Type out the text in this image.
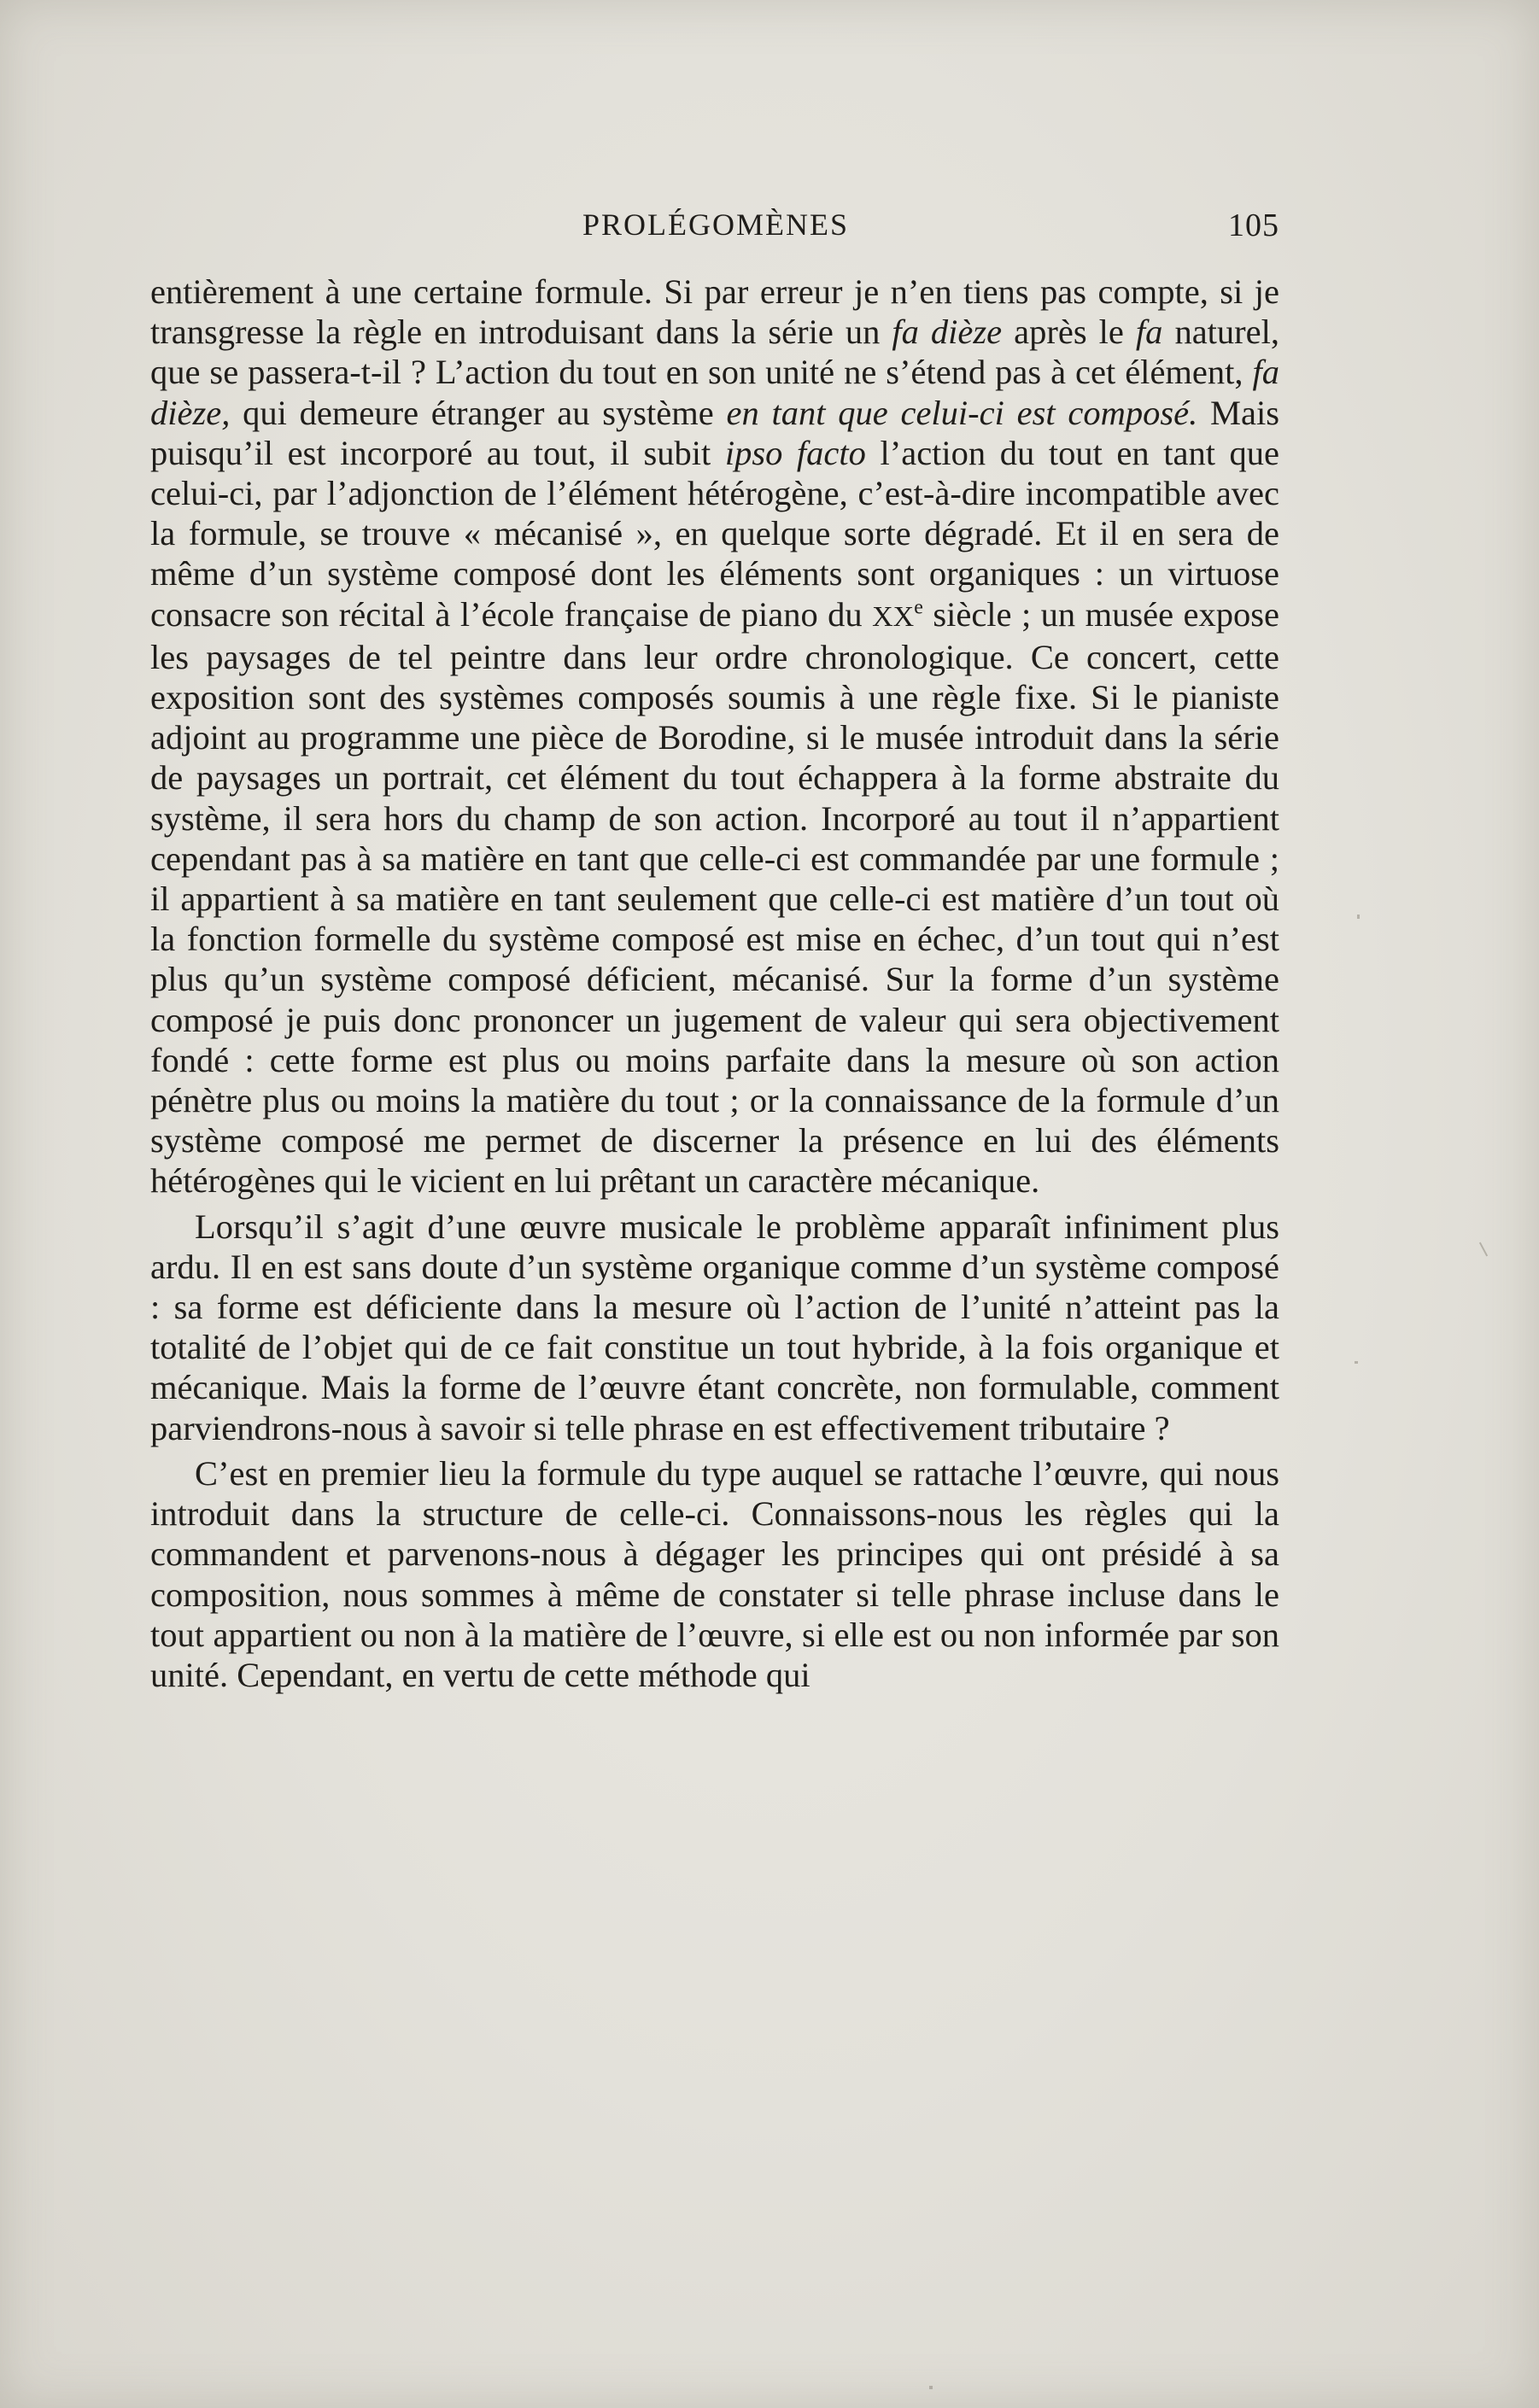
PROLÉGOMÈNES	105

entièrement à une certaine formule. Si par erreur je n’en tiens pas compte, si je transgresse la règle en introduisant dans la série un fa dièze après le fa naturel, que se passera-t-il ? L’action du tout en son unité ne s’étend pas à cet élément, fa dièze, qui demeure étranger au système en tant que celui-ci est composé. Mais puisqu’il est incorporé au tout, il subit ipso facto l’action du tout en tant que celui-ci, par l’adjonction de l’élément hétérogène, c’est-à-dire incompatible avec la formule, se trouve « mécanisé », en quelque sorte dégradé. Et il en sera de même d’un système composé dont les éléments sont organiques : un virtuose consacre son récital à l’école française de piano du XXe siècle ; un musée expose les paysages de tel peintre dans leur ordre chronologique. Ce concert, cette exposition sont des systèmes composés soumis à une règle fixe. Si le pianiste adjoint au programme une pièce de Borodine, si le musée introduit dans la série de paysages un portrait, cet élément du tout échappera à la forme abstraite du système, il sera hors du champ de son action. Incorporé au tout il n’appartient cependant pas à sa matière en tant que celle-ci est commandée par une formule ; il appartient à sa matière en tant seulement que celle-ci est matière d’un tout où la fonction formelle du système composé est mise en échec, d’un tout qui n’est plus qu’un système composé déficient, mécanisé. Sur la forme d’un système composé je puis donc prononcer un jugement de valeur qui sera objectivement fondé : cette forme est plus ou moins parfaite dans la mesure où son action pénètre plus ou moins la matière du tout ; or la connaissance de la formule d’un système composé me permet de discerner la présence en lui des éléments hétérogènes qui le vicient en lui prêtant un caractère mécanique.

Lorsqu’il s’agit d’une œuvre musicale le problème apparaît infiniment plus ardu. Il en est sans doute d’un système organique comme d’un système composé : sa forme est déficiente dans la mesure où l’action de l’unité n’atteint pas la totalité de l’objet qui de ce fait constitue un tout hybride, à la fois organique et mécanique. Mais la forme de l’œuvre étant concrète, non formulable, comment parviendrons-nous à savoir si telle phrase en est effectivement tributaire ?

C’est en premier lieu la formule du type auquel se rattache l’œuvre, qui nous introduit dans la structure de celle-ci. Connaissons-nous les règles qui la commandent et parvenons-nous à dégager les principes qui ont présidé à sa composition, nous sommes à même de constater si telle phrase incluse dans le tout appartient ou non à la matière de l’œuvre, si elle est ou non informée par son unité. Cependant, en vertu de cette méthode qui
